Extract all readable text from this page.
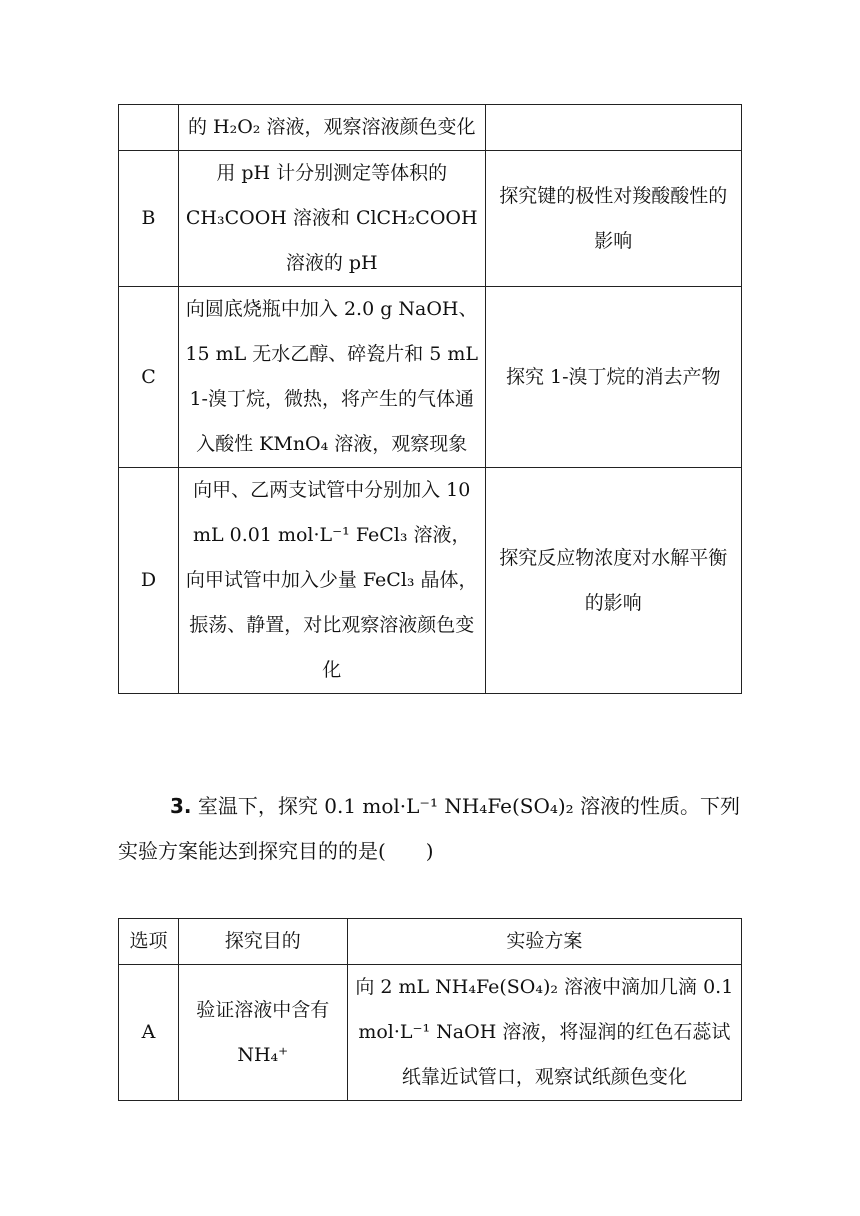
	的 H₂O₂ 溶液，观察溶液颜色变化	
B	用 pH 计分别测定等体积的 CH₃COOH 溶液和 ClCH₂COOH 溶液的 pH	探究键的极性对羧酸酸性的影响
C	向圆底烧瓶中加入 2.0 g NaOH、15 mL 无水乙醇、碎瓷片和 5 mL 1-溴丁烷，微热，将产生的气体通入酸性 KMnO₄ 溶液，观察现象	探究 1-溴丁烷的消去产物
D	向甲、乙两支试管中分别加入 10 mL 0.01 mol·L⁻¹ FeCl₃ 溶液，向甲试管中加入少量 FeCl₃ 晶体，振荡、静置，对比观察溶液颜色变化	探究反应物浓度对水解平衡的影响
3. 室温下，探究 0.1 mol·L⁻¹ NH₄Fe(SO₄)₂ 溶液的性质。下列实验方案能达到探究目的的是(　　)
选项	探究目的	实验方案
A	验证溶液中含有 NH₄⁺	向 2 mL NH₄Fe(SO₄)₂ 溶液中滴加几滴 0.1 mol·L⁻¹ NaOH 溶液，将湿润的红色石蕊试纸靠近试管口，观察试纸颜色变化
